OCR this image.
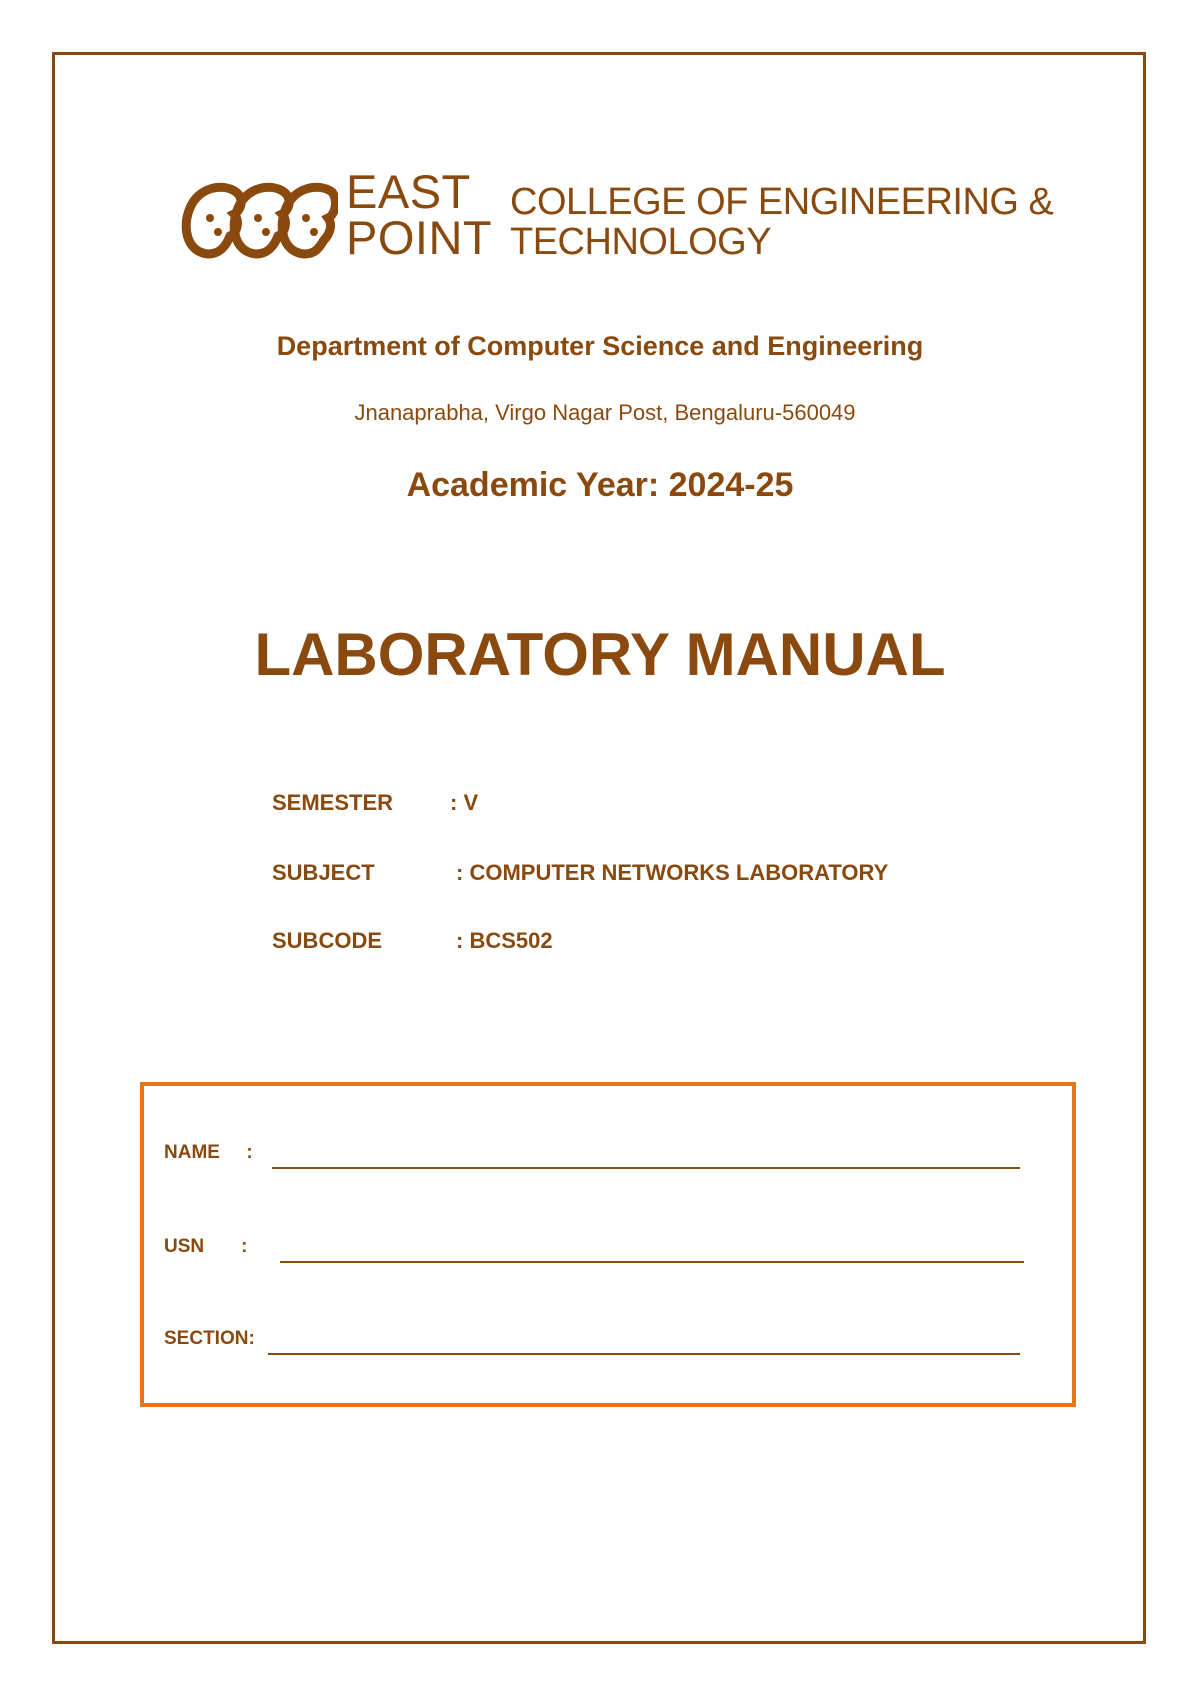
EAST
POINT
COLLEGE OF ENGINEERING &
TECHNOLOGY
Department of Computer Science and Engineering
Jnanaprabha, Virgo Nagar Post, Bengaluru-560049
Academic Year: 2024-25
LABORATORY MANUAL
SEMESTER	: V
SUBJECT	: COMPUTER NETWORKS LABORATORY
SUBCODE	: BCS502
NAME     :
USN       :
SECTION:
